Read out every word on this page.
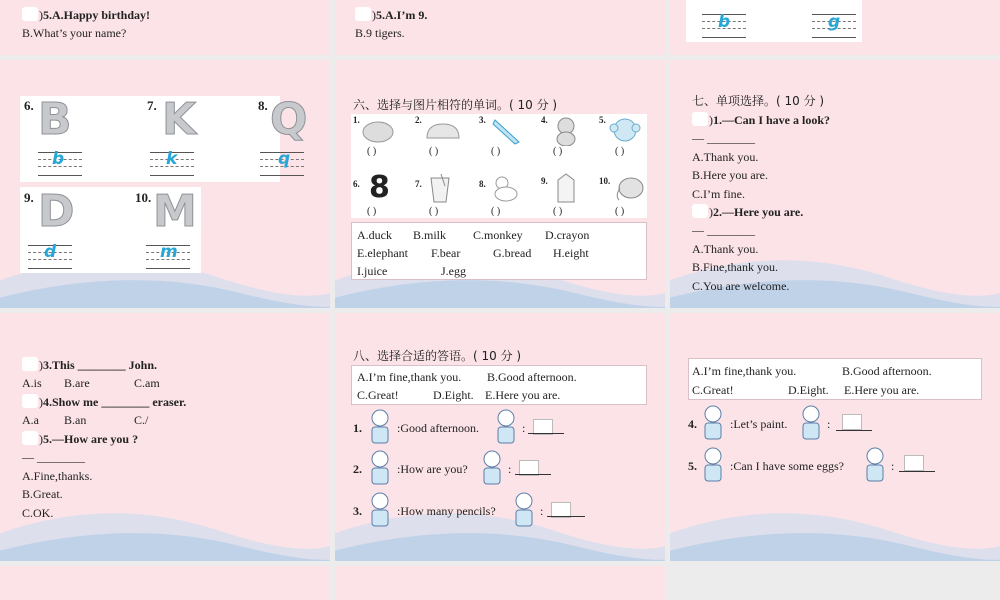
)5.A.Happy birthday!
B.What’s your name?
)5.A.I’m 9.
B.9 tigers.
b	g
6. B
b
7. K
k
8. Q
q
9. D
d
10. M
m
六、选择与图片相符的单词。( 10 分 )
1.	2.	3.	4.	5.
( )	( )	( )	( )	( )
6. 8	7.	8.	9.	10.
( )	( )	( )	( )	( )
A.duck B.milk C.monkey D.crayon
E.elephant F.bear	G.bread H.eight
I.juice	J.egg
七、单项选择。( 10 分 )
)1.—Can I have a look?
— ________
A.Thank you.
B.Here you are.
C.I’m fine.
)2.—Here you are.
— ________
A.Thank you.
B.Fine,thank you.
C.You are welcome.
)3.This ________ John.
A.is B.are	C.am
)4.Show me ________ eraser.
A.a B.an	C./
)5.—How are you ?
— ________
A.Fine,thanks.
B.Great.
C.OK.
八、选择合适的答语。( 10 分 )
A.I’m fine,thank you. B.Good afternoon.
C.Great!	D.Eight. E.Here you are.
1.	:Good afternoon.	:
2.	:How are you?	:
3.	:How many pencils?	:
A.I’m fine,thank you.	B.Good afternoon.
C.Great!	D.Eight. E.Here you are.
4.	:Let’s paint.	:
5.	:Can I have some eggs?	:
